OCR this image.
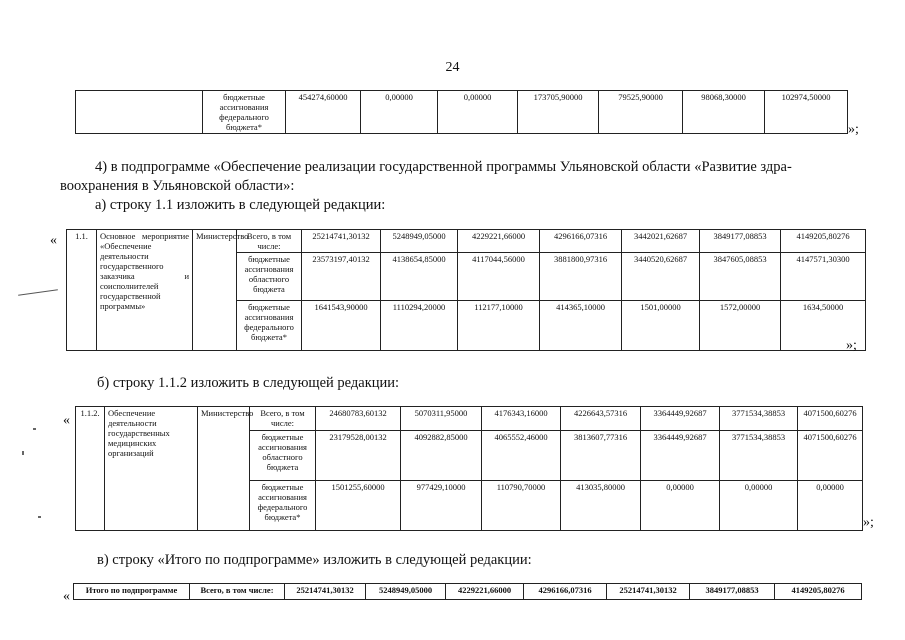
24
	бюджетные ассигнования федерального бюджета*	454274,60000	0,00000	0,00000	173705,90000	79525,90000	98068,30000	102974,50000
»;
4) в подпрограмме «Обеспечение реализации государственной программы Ульяновской области «Развитие здра-
воохранения в Ульяновской области»:
а) строку 1.1 изложить в следующей редакции:
« 1.1.	Основное мероприятие «Обеспечение деятельности государственного заказчика и соисполнителей государственной программы»	Министерство	Всего, в том числе:	25214741,30132	5248949,05000	4229221,66000	4296166,07316	3442021,62687	3849177,08853	4149205,80276
			бюджетные ассигнования областного бюджета	23573197,40132	4138654,85000	4117044,56000	3881800,97316	3440520,62687	3847605,08853	4147571,30300
			бюджетные ассигнования федерального бюджета*	1641543,90000	1110294,20000	112177,10000	414365,10000	1501,00000	1572,00000	1634,50000
»;
б) строку 1.1.2 изложить в следующей редакции:
« 1.1.2.	Обеспечение деятельности государственных медицинских организаций	Министерство	Всего, в том числе:	24680783,60132	5070311,95000	4176343,16000	4226643,57316	3364449,92687	3771534,38853	4071500,60276
			бюджетные ассигнования областного бюджета	23179528,00132	4092882,85000	4065552,46000	3813607,77316	3364449,92687	3771534,38853	4071500,60276
			бюджетные ассигнования федерального бюджета*	1501255,60000	977429,10000	110790,70000	413035,80000	0,00000	0,00000	0,00000
»;
в) строку «Итого по подпрограмме» изложить в следующей редакции:
« Итого по подпрограмме	Всего, в том числе:	25214741,30132	5248949,05000	4229221,66000	4296166,07316	25214741,30132	3849177,08853	4149205,80276
